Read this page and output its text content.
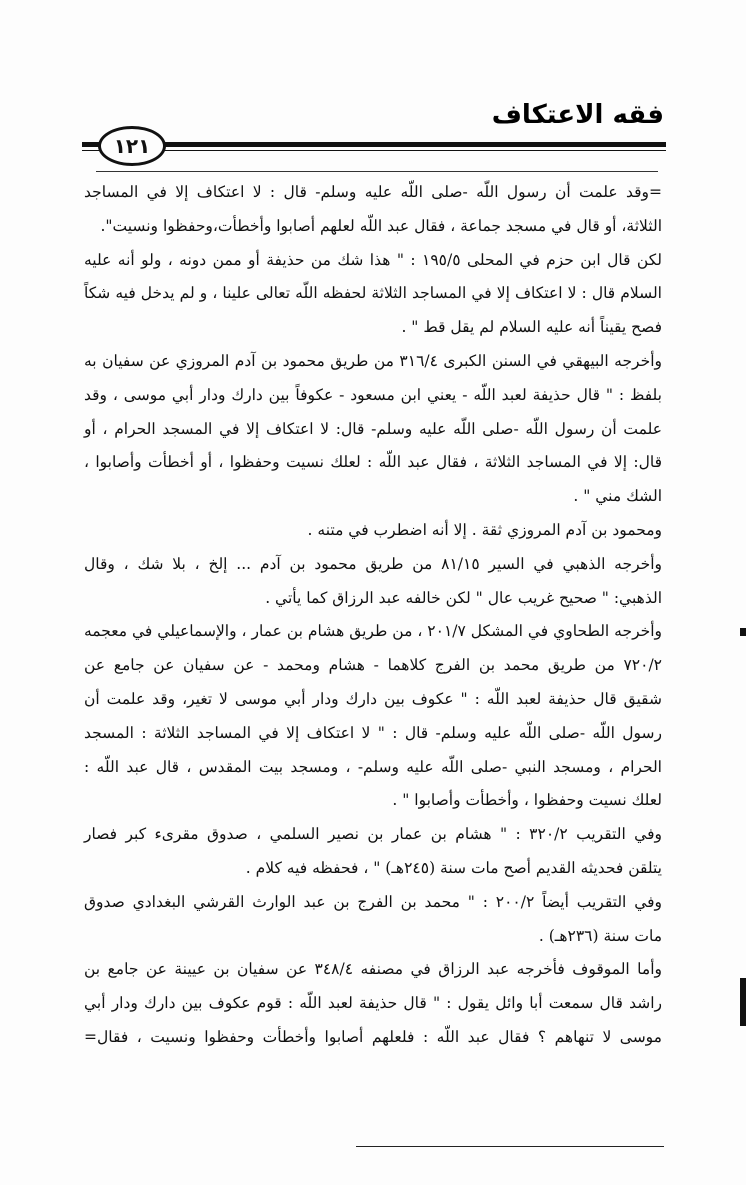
فقه الاعتكاف
١٢١
=وقد علمت أن رسول اللّه -صلى اللّه عليه وسلم- قال : لا اعتكاف إلا في المساجد
الثلاثة، أو قال في مسجد جماعة ، فقال عبد اللّه لعلهم أصابوا وأخطأت،وحفظوا ونسيت".
لكن قال ابن حزم في المحلى ١٩٥/٥ : " هذا شك من حذيفة أو ممن دونه ، ولو أنه عليه
السلام قال : لا اعتكاف إلا في المساجد الثلاثة لحفظه اللّه تعالى علينا ، و لم يدخل فيه شكاً
فصح يقيناً أنه عليه السلام لم يقل قط " .
وأخرجه البيهقي في السنن الكبرى ٣١٦/٤ من طريق محمود بن آدم المروزي عن سفيان به
بلفظ : " قال حذيفة لعبد اللّه - يعني ابن مسعود - عكوفاً بين دارك ودار أبي موسى ، وقد
علمت أن رسول اللّه -صلى اللّه عليه وسلم- قال: لا اعتكاف إلا في المسجد الحرام ، أو
قال: إلا في المساجد الثلاثة ، فقال عبد اللّه : لعلك نسيت وحفظوا ، أو أخطأت وأصابوا ،
الشك مني " .
ومحمود بن آدم المروزي ثقة . إلا أنه اضطرب في متنه .
وأخرجه الذهبي في السير ٨١/١٥ من طريق محمود بن آدم ... إلخ ، بلا شك ، وقال
الذهبي: " صحيح غريب عال " لكن خالفه عبد الرزاق كما يأتي .
وأخرجه الطحاوي في المشكل ٢٠١/٧ ، من طريق هشام بن عمار ، والإسماعيلي في معجمه
٧٢٠/٢ من طريق محمد بن الفرج كلاهما - هشام ومحمد - عن سفيان عن جامع عن
شقيق قال حذيفة لعبد اللّه : " عكوف بين دارك ودار أبي موسى لا تغير، وقد علمت أن
رسول اللّه -صلى اللّه عليه وسلم- قال : " لا اعتكاف إلا في المساجد الثلاثة : المسجد
الحرام ، ومسجد النبي -صلى اللّه عليه وسلم- ، ومسجد بيت المقدس ، قال عبد اللّه :
لعلك نسيت وحفظوا ، وأخطأت وأصابوا " .
وفي التقريب ٣٢٠/٢ : " هشام بن عمار بن نصير السلمي ، صدوق مقرىء كبر فصار
يتلقن فحديثه القديم أصح مات سنة (٢٤٥هـ) " ، فحفظه فيه كلام .
وفي التقريب أيضاً ٢٠٠/٢ : " محمد بن الفرج بن عبد الوارث القرشي البغدادي صدوق
مات سنة (٢٣٦هـ) .
وأما الموقوف فأخرجه عبد الرزاق في مصنفه ٣٤٨/٤ عن سفيان بن عيينة عن جامع بن
راشد قال سمعت أبا وائل يقول : " قال حذيفة لعبد اللّه : قوم عكوف بين دارك ودار أبي
موسى لا تنهاهم ؟ فقال عبد اللّه : فلعلهم أصابوا وأخطأت وحفظوا ونسيت ، فقال=
